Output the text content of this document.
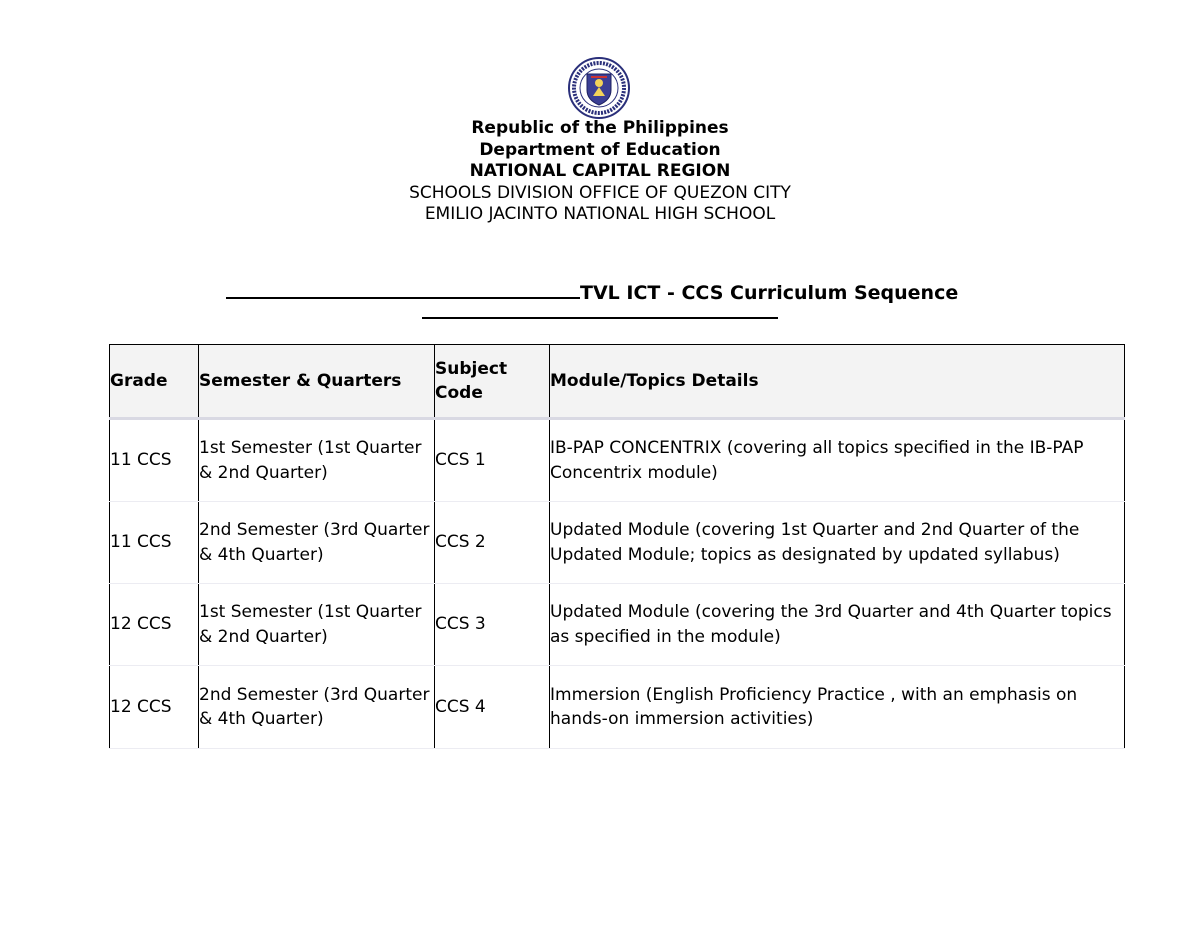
Republic of the Philippines
Department of Education
NATIONAL CAPITAL REGION
SCHOOLS DIVISION OFFICE OF QUEZON CITY
EMILIO JACINTO NATIONAL HIGH SCHOOL
TVL ICT - CCS Curriculum Sequence
Grade	Semester & Quarters	Subject Code	Module/Topics Details
11 CCS	1st Semester (1st Quarter & 2nd Quarter)	CCS 1	IB-PAP CONCENTRIX (covering all topics specified in the IB-PAP Concentrix module)
11 CCS	2nd Semester (3rd Quarter & 4th Quarter)	CCS 2	Updated Module (covering 1st Quarter and 2nd Quarter of the Updated Module; topics as designated by updated syllabus)
12 CCS	1st Semester (1st Quarter & 2nd Quarter)	CCS 3	Updated Module (covering the 3rd Quarter and 4th Quarter topics as specified in the module)
12 CCS	2nd Semester (3rd Quarter & 4th Quarter)	CCS 4	Immersion (English Proficiency Practice , with an emphasis on hands-on immersion activities)
